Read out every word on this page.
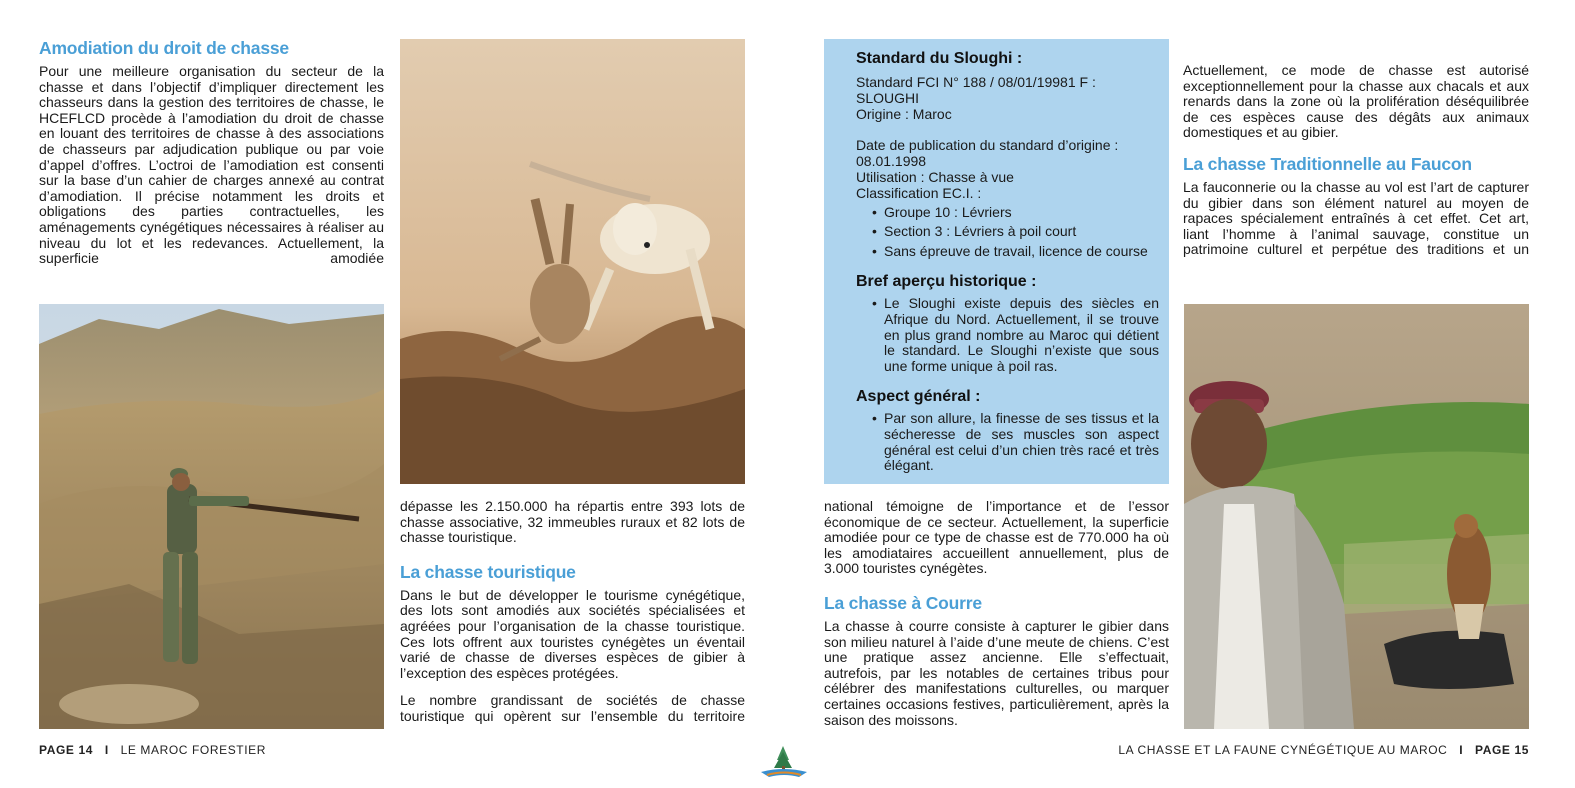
Amodiation du droit de chasse

Pour une meilleure organisation du secteur de la chasse et dans l’objectif d’impliquer directement les chasseurs dans la gestion des territoires de chasse, le HCEFLCD procède à l’amodiation du droit de chasse en louant des territoires de chasse à des associations de chasseurs par adjudication publique ou par voie d’appel d’offres. L’octroi de l’amodiation est consenti sur la base d’un cahier de charges annexé au contrat d’amodiation. Il précise notamment les droits et obligations des parties contractuelles, les aménagements cynégétiques nécessaires à réaliser au niveau du lot et les redevances. Actuellement, la superficie amodiée

dépasse les 2.150.000 ha répartis entre 393 lots de chasse associative, 32 immeubles ruraux et 82 lots de chasse touristique.

La chasse touristique

Dans le but de développer le tourisme cynégétique, des lots sont amodiés aux sociétés spécialisées et agréées pour l’organisation de la chasse touristique. Ces lots offrent aux touristes cynégètes un éventail varié de chasse de diverses espèces de gibier à l’exception des espèces protégées.

Le nombre grandissant de sociétés de chasse touristique qui opèrent sur l’ensemble du territoire

PAGE 14 I LE MAROC FORESTIER
Standard du Sloughi :
Standard FCI N° 188 / 08/01/19981 F :
SLOUGHI
Origine : Maroc
Date de publication du standard d’origine :
08.01.1998
Utilisation : Chasse à vue
Classification EC.I. :
• Groupe 10 : Lévriers
• Section 3 : Lévriers à poil court
• Sans épreuve de travail, licence de course
Bref aperçu historique :
• Le Sloughi existe depuis des siècles en Afrique du Nord. Actuellement, il se trouve en plus grand nombre au Maroc qui détient le standard. Le Sloughi n’existe que sous une forme unique à poil ras.
Aspect général :
• Par son allure, la finesse de ses tissus et la sécheresse de ses muscles son aspect général est celui d’un chien très racé et très élégant.

national témoigne de l’importance et de l’essor économique de ce secteur. Actuellement, la superficie amodiée pour ce type de chasse est de 770.000 ha où les amodiataires accueillent annuellement, plus de 3.000 touristes cynégètes.

La chasse à Courre

La chasse à courre consiste à capturer le gibier dans son milieu naturel à l’aide d’une meute de chiens. C’est une pratique assez ancienne. Elle s’effectuait, autrefois, par les notables de certaines tribus pour célébrer des manifestations culturelles, ou marquer certaines occasions festives, particulièrement, après la saison des moissons.

Actuellement, ce mode de chasse est autorisé exceptionnellement pour la chasse aux chacals et aux renards dans la zone où la prolifération déséquilibrée de ces espèces cause des dégâts aux animaux domestiques et au gibier.

La chasse Traditionnelle au Faucon

La fauconnerie ou la chasse au vol est l’art de capturer du gibier dans son élément naturel au moyen de rapaces spécialement entraînés à cet effet. Cet art, liant l’homme à l’animal sauvage, constitue un patrimoine culturel et perpétue des traditions et un

LA CHASSE ET LA FAUNE CYNÉGÉTIQUE AU MAROC I PAGE 15
